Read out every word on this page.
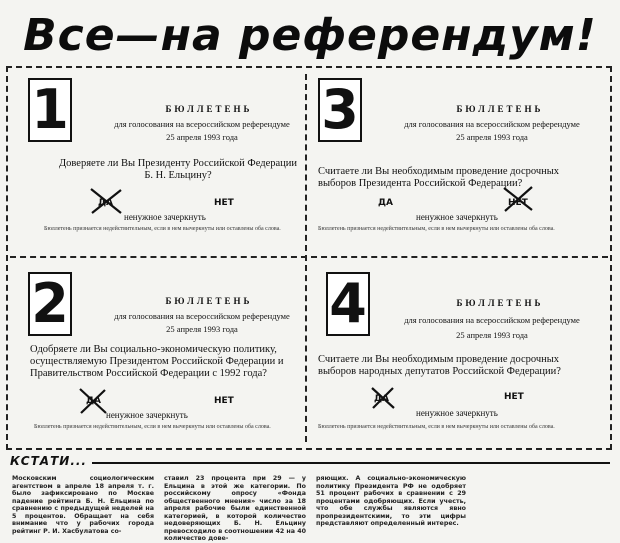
Все—на референдум!
1	БЮЛЛЕТЕНЬ
для голосования на всероссийском референдуме
25 апреля 1993 года
Доверяете ли Вы Президенту Российской Федерации Б. Н. Ельцину?
ДА	НЕТ
ненужное зачеркнуть
Бюллетень признается недействительным, если в нем вычеркнуты или оставлены оба слова.
3	БЮЛЛЕТЕНЬ
для голосования на всероссийском референдуме
25 апреля 1993 года
Считаете ли Вы необходимым проведение досрочных выборов Президента Российской Федерации?
ДА	НЕТ
ненужное зачеркнуть
Бюллетень признается недействительным, если в нем вычеркнуты или оставлены оба слова.
2	БЮЛЛЕТЕНЬ
для голосования на всероссийском референдуме
25 апреля 1993 года
Одобряете ли Вы социально-экономическую политику, осуществляемую Президентом Российской Федерации и Правительством Российской Федерации с 1992 года?
ДА	НЕТ
ненужное зачеркнуть
Бюллетень признается недействительным, если в нем вычеркнуты или оставлены оба слова.
4	БЮЛЛЕТЕНЬ
для голосования на всероссийском референдуме
25 апреля 1993 года
Считаете ли Вы необходимым проведение досрочных выборов народных депутатов Российской Федерации?
ДА	НЕТ
ненужное зачеркнуть
Бюллетень признается недействительным, если в нем вычеркнуты или оставлены оба слова.
КСТАТИ...
Московским социологическим агентством в апреле 18 апреля т. г. было зафиксировано по Москве падение рейтинга Б. Н. Ельцина по сравнению с предыдущей неделей на 5 процентов. Обращает на себя внимание что у рабочих города рейтинг Р. И. Хасбулатова со-
ставил 23 процента при 29 — у Ельцина в этой же категории. По российскому опросу «Фонда общественного мнения» число за 18 апреля рабочие были единственной категорией, в которой количество недоверяющих Б. Н. Ельцину превосходило в соотношении 42 на 40 количество дове-
ряющих. А социально-экономическую политику Президента РФ не одобряет 51 процент рабочих в сравнении с 29 процентами одобряющих. Если учесть, что обе службы являются явно пропрезидентскими, то эти цифры представляют определенный интерес.
